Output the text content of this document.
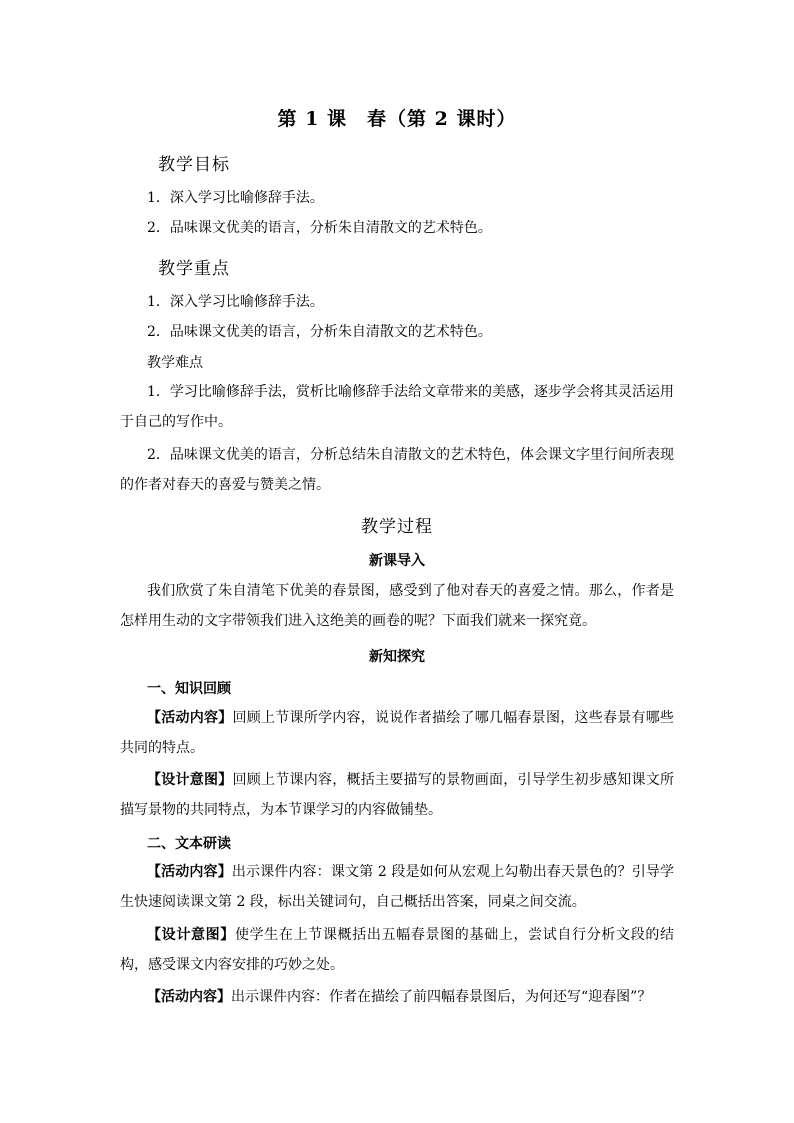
第 1 课　春（第 2 课时）
教学目标
1．深入学习比喻修辞手法。
2．品味课文优美的语言，分析朱自清散文的艺术特色。
教学重点
1．深入学习比喻修辞手法。
2．品味课文优美的语言，分析朱自清散文的艺术特色。
教学难点
1．学习比喻修辞手法，赏析比喻修辞手法给文章带来的美感，逐步学会将其灵活运用于自己的写作中。
2．品味课文优美的语言，分析总结朱自清散文的艺术特色，体会课文字里行间所表现的作者对春天的喜爱与赞美之情。
教学过程
新课导入
我们欣赏了朱自清笔下优美的春景图，感受到了他对春天的喜爱之情。那么，作者是怎样用生动的文字带领我们进入这绝美的画卷的呢？下面我们就来一探究竟。
新知探究
一、知识回顾
【活动内容】回顾上节课所学内容，说说作者描绘了哪几幅春景图，这些春景有哪些共同的特点。
【设计意图】回顾上节课内容，概括主要描写的景物画面，引导学生初步感知课文所描写景物的共同特点，为本节课学习的内容做铺垫。
二、文本研读
【活动内容】出示课件内容：课文第 2 段是如何从宏观上勾勒出春天景色的？引导学生快速阅读课文第 2 段，标出关键词句，自己概括出答案，同桌之间交流。
【设计意图】使学生在上节课概括出五幅春景图的基础上，尝试自行分析文段的结构，感受课文内容安排的巧妙之处。
【活动内容】出示课件内容：作者在描绘了前四幅春景图后，为何还写“迎春图”？
